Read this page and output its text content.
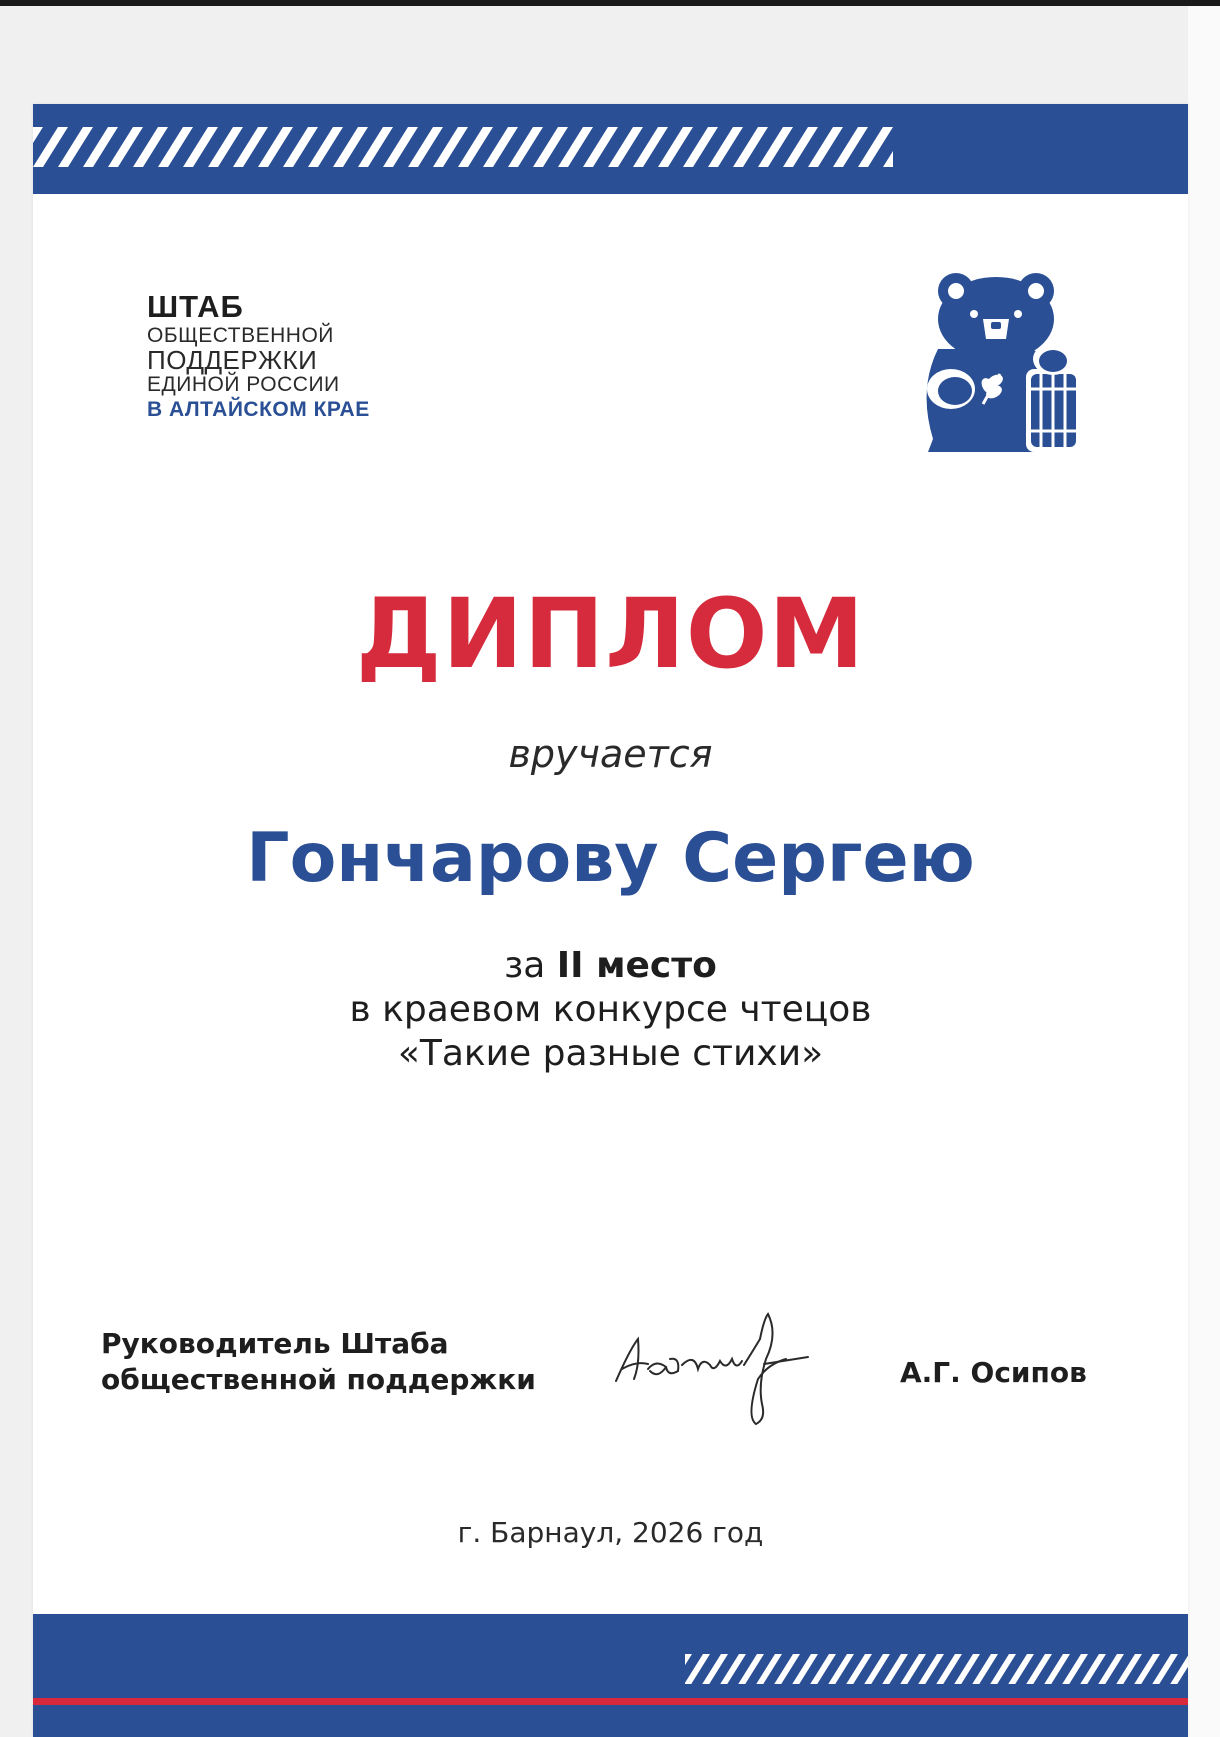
ШТАБ
ОБЩЕСТВЕННОЙ
ПОДДЕРЖКИ
ЕДИНОЙ РОССИИ
В АЛТАЙСКОМ КРАЕ
ДИПЛОМ
вручается
Гончарову Сергею
за II место
в краевом конкурсе чтецов
«Такие разные стихи»
Руководитель Штаба
общественной поддержки	А.Г. Осипов
г. Барнаул, 2026 год
